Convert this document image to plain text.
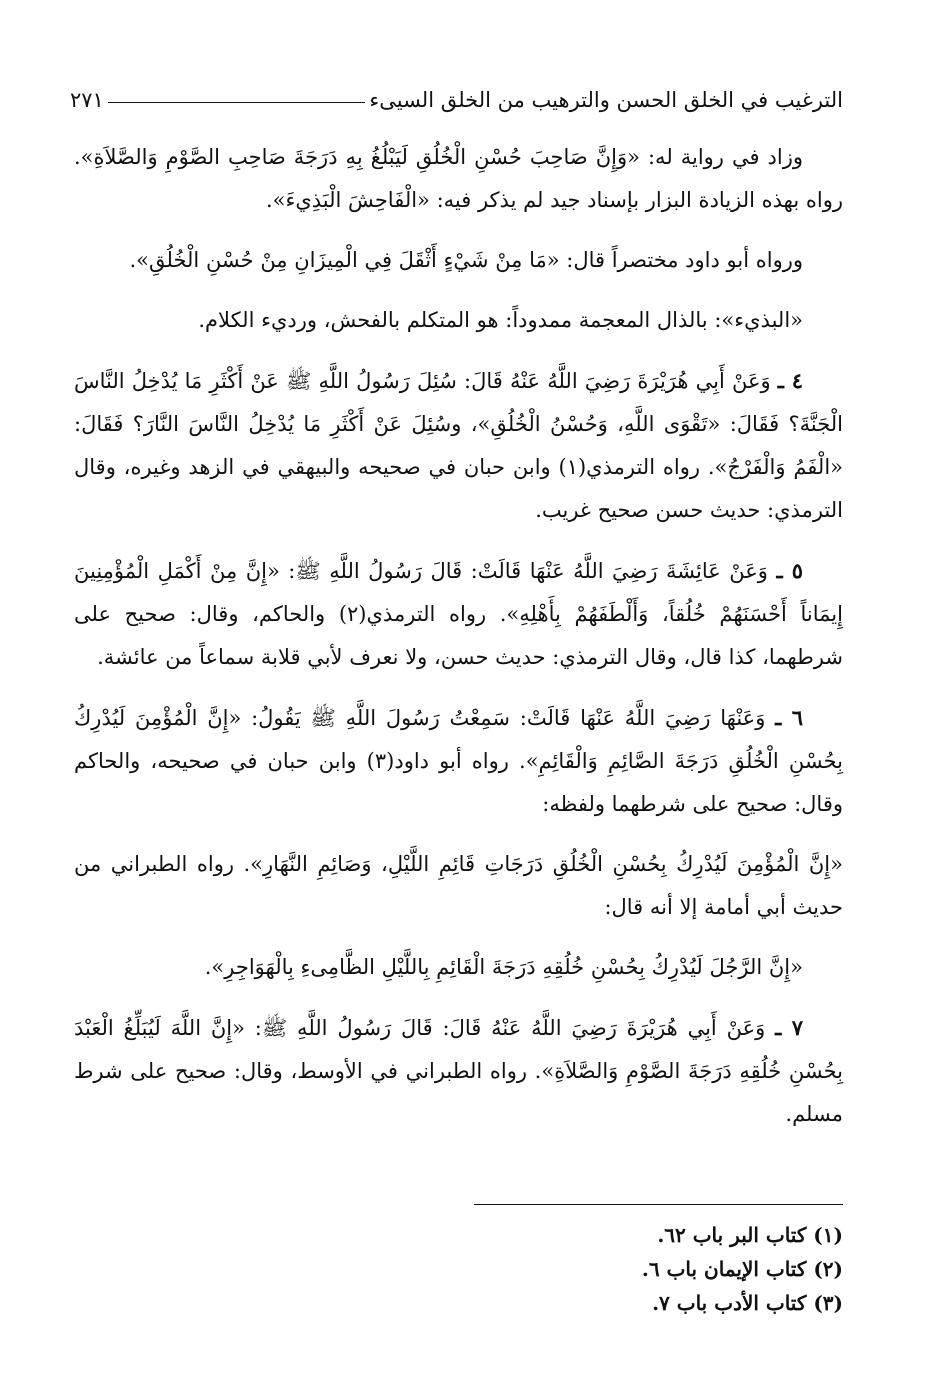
الترغيب في الخلق الحسن والترهيب من الخلق السيىء
٢٧١

وزاد في رواية له: «وَإِنَّ صَاحِبَ حُسْنِ الْخُلُقِ لَيَبْلُغُ بِهِ دَرَجَةَ صَاحِبِ الصَّوْمِ وَالصَّلاَةِ». رواه بهذه الزيادة البزار بإسناد جيد لم يذكر فيه: «الْفَاحِشَ الْبَذِيءَ».

ورواه أبو داود مختصراً قال: «مَا مِنْ شَيْءٍ أَثْقَلَ فِي الْمِيزَانِ مِنْ حُسْنِ الْخُلُقِ».

«البذيء»: بالذال المعجمة ممدوداً: هو المتكلم بالفحش، ورديء الكلام.

٤ ـ وَعَنْ أَبِي هُرَيْرَةَ رَضِيَ اللَّهُ عَنْهُ قَالَ: سُئِلَ رَسُولُ اللَّهِ ﷺ عَنْ أَكْثَرِ مَا يُدْخِلُ النَّاسَ الْجَنَّةَ؟ فَقَالَ: «تَقْوَى اللَّهِ، وَحُسْنُ الْخُلُقِ»، وسُئِلَ عَنْ أَكْثَرِ مَا يُدْخِلُ النَّاسَ النَّارَ؟ فَقَالَ: «الْفَمُ وَالْفَرْجُ». رواه الترمذي(١) وابن حبان في صحيحه والبيهقي في الزهد وغيره، وقال الترمذي: حديث حسن صحيح غريب.

٥ ـ وَعَنْ عَائِشَةَ رَضِيَ اللَّهُ عَنْهَا قَالَتْ: قَالَ رَسُولُ اللَّهِ ﷺ: «إِنَّ مِنْ أَكْمَلِ الْمُؤْمِنِينَ إِيمَاناً أَحْسَنَهُمْ خُلُقاً، وَأَلْطَفَهُمْ بِأَهْلِهِ». رواه الترمذي(٢) والحاكم، وقال: صحيح على شرطهما، كذا قال، وقال الترمذي: حديث حسن، ولا نعرف لأبي قلابة سماعاً من عائشة.

٦ ـ وَعَنْهَا رَضِيَ اللَّهُ عَنْهَا قَالَتْ: سَمِعْتُ رَسُولَ اللَّهِ ﷺ يَقُولُ: «إِنَّ الْمُؤْمِنَ لَيُدْرِكُ بِحُسْنِ الْخُلُقِ دَرَجَةَ الصَّائِمِ وَالْقَائِمِ». رواه أبو داود(٣) وابن حبان في صحيحه، والحاكم وقال: صحيح على شرطهما ولفظه:

«إِنَّ الْمُؤْمِنَ لَيُدْرِكُ بِحُسْنِ الْخُلُقِ دَرَجَاتِ قَائِمِ اللَّيْلِ، وَصَائِمِ النَّهَارِ». رواه الطبراني من حديث أبي أمامة إلا أنه قال:

«إِنَّ الرَّجُلَ لَيُدْرِكُ بِحُسْنِ خُلُقِهِ دَرَجَةَ الْقَائِمِ بِاللَّيْلِ الظَّامِىءِ بِالْهَوَاجِرِ».

٧ ـ وَعَنْ أَبِي هُرَيْرَةَ رَضِيَ اللَّهُ عَنْهُ قَالَ: قَالَ رَسُولُ اللَّهِ ﷺ: «إِنَّ اللَّهَ لَيُبَلِّغُ الْعَبْدَ بِحُسْنِ خُلُقِهِ دَرَجَةَ الصَّوْمِ وَالصَّلاَةِ». رواه الطبراني في الأوسط، وقال: صحيح على شرط مسلم.

(١) كتاب البر باب ٦٢.
(٢) كتاب الإيمان باب ٦.
(٣) كتاب الأدب باب ٧.
